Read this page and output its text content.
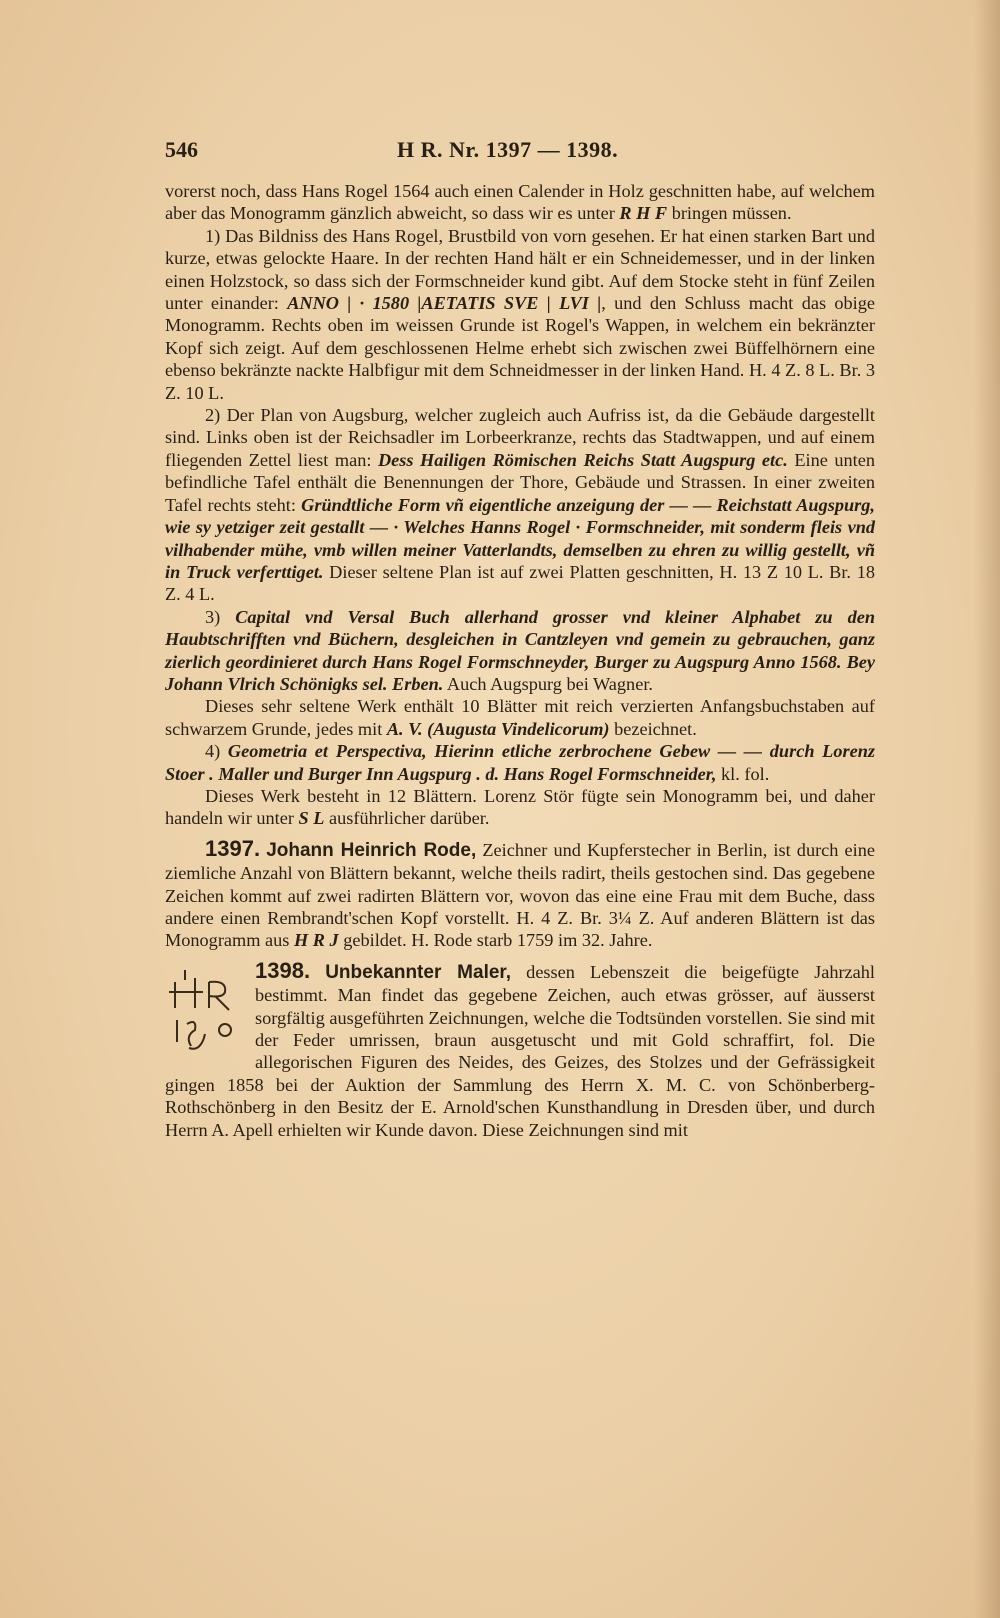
546	H R. Nr. 1397 — 1398.

vorerst noch, dass Hans Rogel 1564 auch einen Calender in Holz geschnitten habe, auf welchem aber das Monogramm gänzlich abweicht, so dass wir es unter R H F bringen müssen.

1) Das Bildniss des Hans Rogel, Brustbild von vorn gesehen. Er hat einen starken Bart und kurze, etwas gelockte Haare. In der rechten Hand hält er ein Schneidemesser, und in der linken einen Holzstock, so dass sich der Formschneider kund gibt. Auf dem Stocke steht in fünf Zeilen unter einander: ANNO | · 1580 |AETATIS SVE | LVI |, und den Schluss macht das obige Monogramm. Rechts oben im weissen Grunde ist Rogel's Wappen, in welchem ein bekränzter Kopf sich zeigt. Auf dem geschlossenen Helme erhebt sich zwischen zwei Büffelhörnern eine ebenso bekränzte nackte Halbfigur mit dem Schneidmesser in der linken Hand. H. 4 Z. 8 L. Br. 3 Z. 10 L.

2) Der Plan von Augsburg, welcher zugleich auch Aufriss ist, da die Gebäude dargestellt sind. Links oben ist der Reichsadler im Lorbeerkranze, rechts das Stadtwappen, und auf einem fliegenden Zettel liest man: Dess Hailigen Römischen Reichs Statt Augspurg etc. Eine unten befindliche Tafel enthält die Benennungen der Thore, Gebäude und Strassen. In einer zweiten Tafel rechts steht: Gründtliche Form vñ eigentliche anzeigung der — — Reichstatt Augspurg, wie sy yetziger zeit gestallt — · Welches Hanns Rogel · Formschneider, mit sonderm fleis vnd vilhabender mühe, vmb willen meiner Vatterlandts, demselben zu ehren zu willig gestellt, vñ in Truck verferttiget. Dieser seltene Plan ist auf zwei Platten geschnitten, H. 13 Z 10 L. Br. 18 Z. 4 L.

3) Capital vnd Versal Buch allerhand grosser vnd kleiner Alphabet zu den Haubtschrifften vnd Büchern, desgleichen in Cantzleyen vnd gemein zu gebrauchen, ganz zierlich geordinieret durch Hans Rogel Formschneyder, Burger zu Augspurg Anno 1568. Bey Johann Vlrich Schönigks sel. Erben. Auch Augspurg bei Wagner.

Dieses sehr seltene Werk enthält 10 Blätter mit reich verzierten Anfangsbuchstaben auf schwarzem Grunde, jedes mit A. V. (Augusta Vindelicorum) bezeichnet.

4) Geometria et Perspectiva, Hierinn etliche zerbrochene Gebew — — durch Lorenz Stoer . Maller und Burger Inn Augspurg . d. Hans Rogel Formschneider, kl. fol.

Dieses Werk besteht in 12 Blättern. Lorenz Stör fügte sein Monogramm bei, und daher handeln wir unter S L ausführlicher darüber.

1397. Johann Heinrich Rode, Zeichner und Kupferstecher in Berlin, ist durch eine ziemliche Anzahl von Blättern bekannt, welche theils radirt, theils gestochen sind. Das gegebene Zeichen kommt auf zwei radirten Blättern vor, wovon das eine eine Frau mit dem Buche, dass andere einen Rembrandt'schen Kopf vorstellt. H. 4 Z. Br. 3¼ Z. Auf anderen Blättern ist das Monogramm aus H R J gebildet. H. Rode starb 1759 im 32. Jahre.

1398. Unbekannter Maler, dessen Lebenszeit die beigefügte Jahrzahl bestimmt. Man findet das gegebene Zeichen, auch etwas grösser, auf äusserst sorgfältig ausgeführten Zeichnungen, welche die Todtsünden vorstellen. Sie sind mit der Feder umrissen, braun ausgetuscht und mit Gold schraffirt, fol. Die allegorischen Figuren des Neides, des Geizes, des Stolzes und der Gefrässigkeit gingen 1858 bei der Auktion der Sammlung des Herrn X. M. C. von Schönberberg-Rothschönberg in den Besitz der E. Arnold'schen Kunsthandlung in Dresden über, und durch Herrn A. Apell erhielten wir Kunde davon. Diese Zeichnungen sind mit
